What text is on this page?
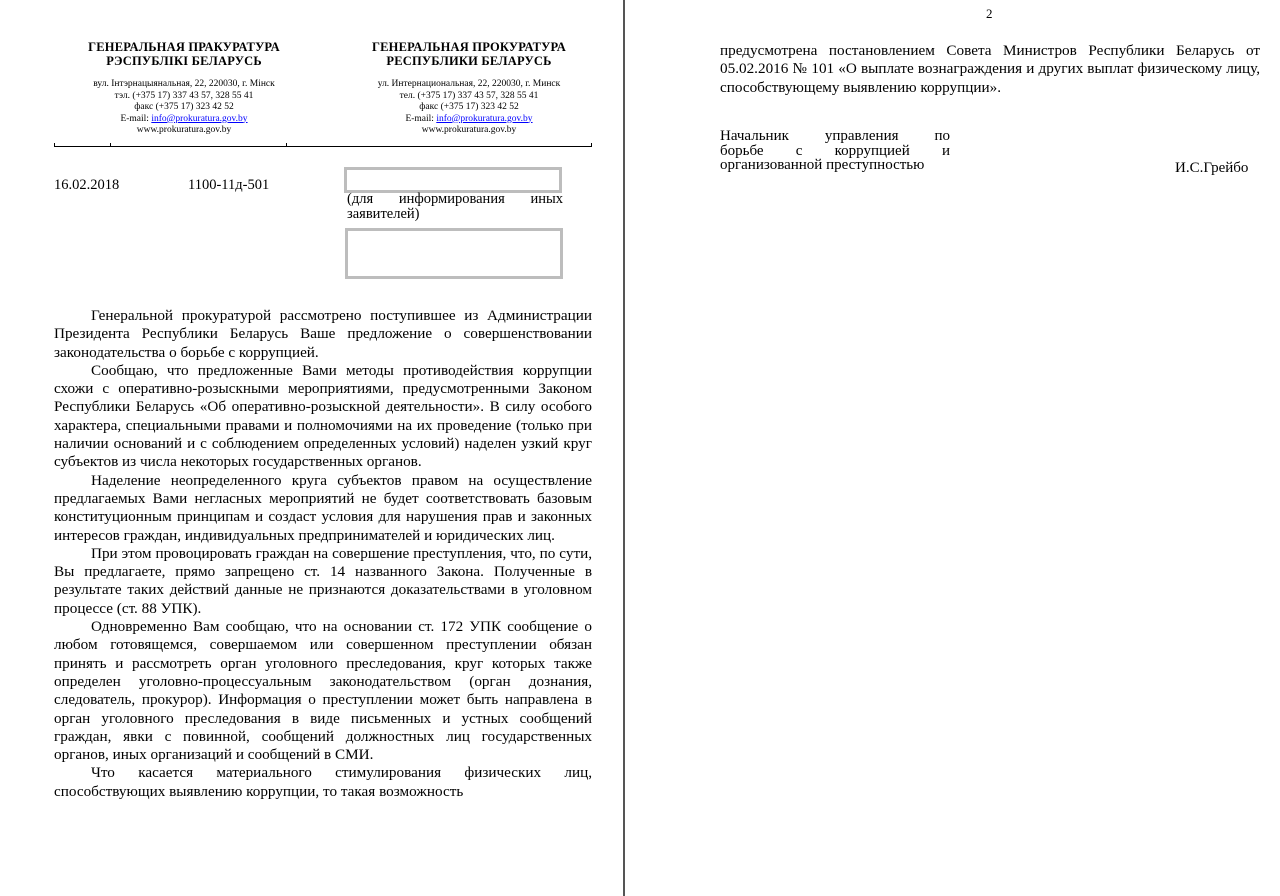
ГЕНЕРАЛЬНАЯ ПРАКУРАТУРА
РЭСПУБЛІКІ БЕЛАРУСЬ
вул. Інтэрнацыянальная, 22, 220030, г. Мінск
тэл. (+375 17) 337 43 57, 328 55 41
факс (+375 17) 323 42 52
E-mail: info@prokuratura.gov.by
www.prokuratura.gov.by
ГЕНЕРАЛЬНАЯ ПРОКУРАТУРА
РЕСПУБЛИКИ БЕЛАРУСЬ
ул. Интернациональная, 22, 220030, г. Минск
тел. (+375 17) 337 43 57, 328 55 41
факс (+375 17) 323 42 52
E-mail: info@prokuratura.gov.by
www.prokuratura.gov.by
16.02.2018	1100-11д-501
(для информирования иных заявителей)

Генеральной прокуратурой рассмотрено поступившее из Администрации Президента Республики Беларусь Ваше предложение о совершенствовании законодательства о борьбе с коррупцией.

Сообщаю, что предложенные Вами методы противодействия коррупции схожи с оперативно-розыскными мероприятиями, предусмотренными Законом Республики Беларусь «Об оперативно-розыскной деятельности». В силу особого характера, специальными правами и полномочиями на их проведение (только при наличии оснований и с соблюдением определенных условий) наделен узкий круг субъектов из числа некоторых государственных органов.

Наделение неопределенного круга субъектов правом на осуществление предлагаемых Вами негласных мероприятий не будет соответствовать базовым конституционным принципам и создаст условия для нарушения прав и законных интересов граждан, индивидуальных предпринимателей и юридических лиц.

При этом провоцировать граждан на совершение преступления, что, по сути, Вы предлагаете, прямо запрещено ст. 14 названного Закона. Полученные в результате таких действий данные не признаются доказательствами в уголовном процессе (ст. 88 УПК).

Одновременно Вам сообщаю, что на основании ст. 172 УПК сообщение о любом готовящемся, совершаемом или совершенном преступлении обязан принять и рассмотреть орган уголовного преследования, круг которых также определен уголовно-процессуальным законодательством (орган дознания, следователь, прокурор). Информация о преступлении может быть направлена в орган уголовного преследования в виде письменных и устных сообщений граждан, явки с повинной, сообщений должностных лиц государственных органов, иных организаций и сообщений в СМИ.

Что касается материального стимулирования физических лиц, способствующих выявлению коррупции, то такая возможность

2

предусмотрена постановлением Совета Министров Республики Беларусь от 05.02.2016 № 101 «О выплате вознаграждения и других выплат физическому лицу, способствующему выявлению коррупции».

Начальник управления по
борьбе с коррупцией и
организованной преступностью	И.С.Грейбо
